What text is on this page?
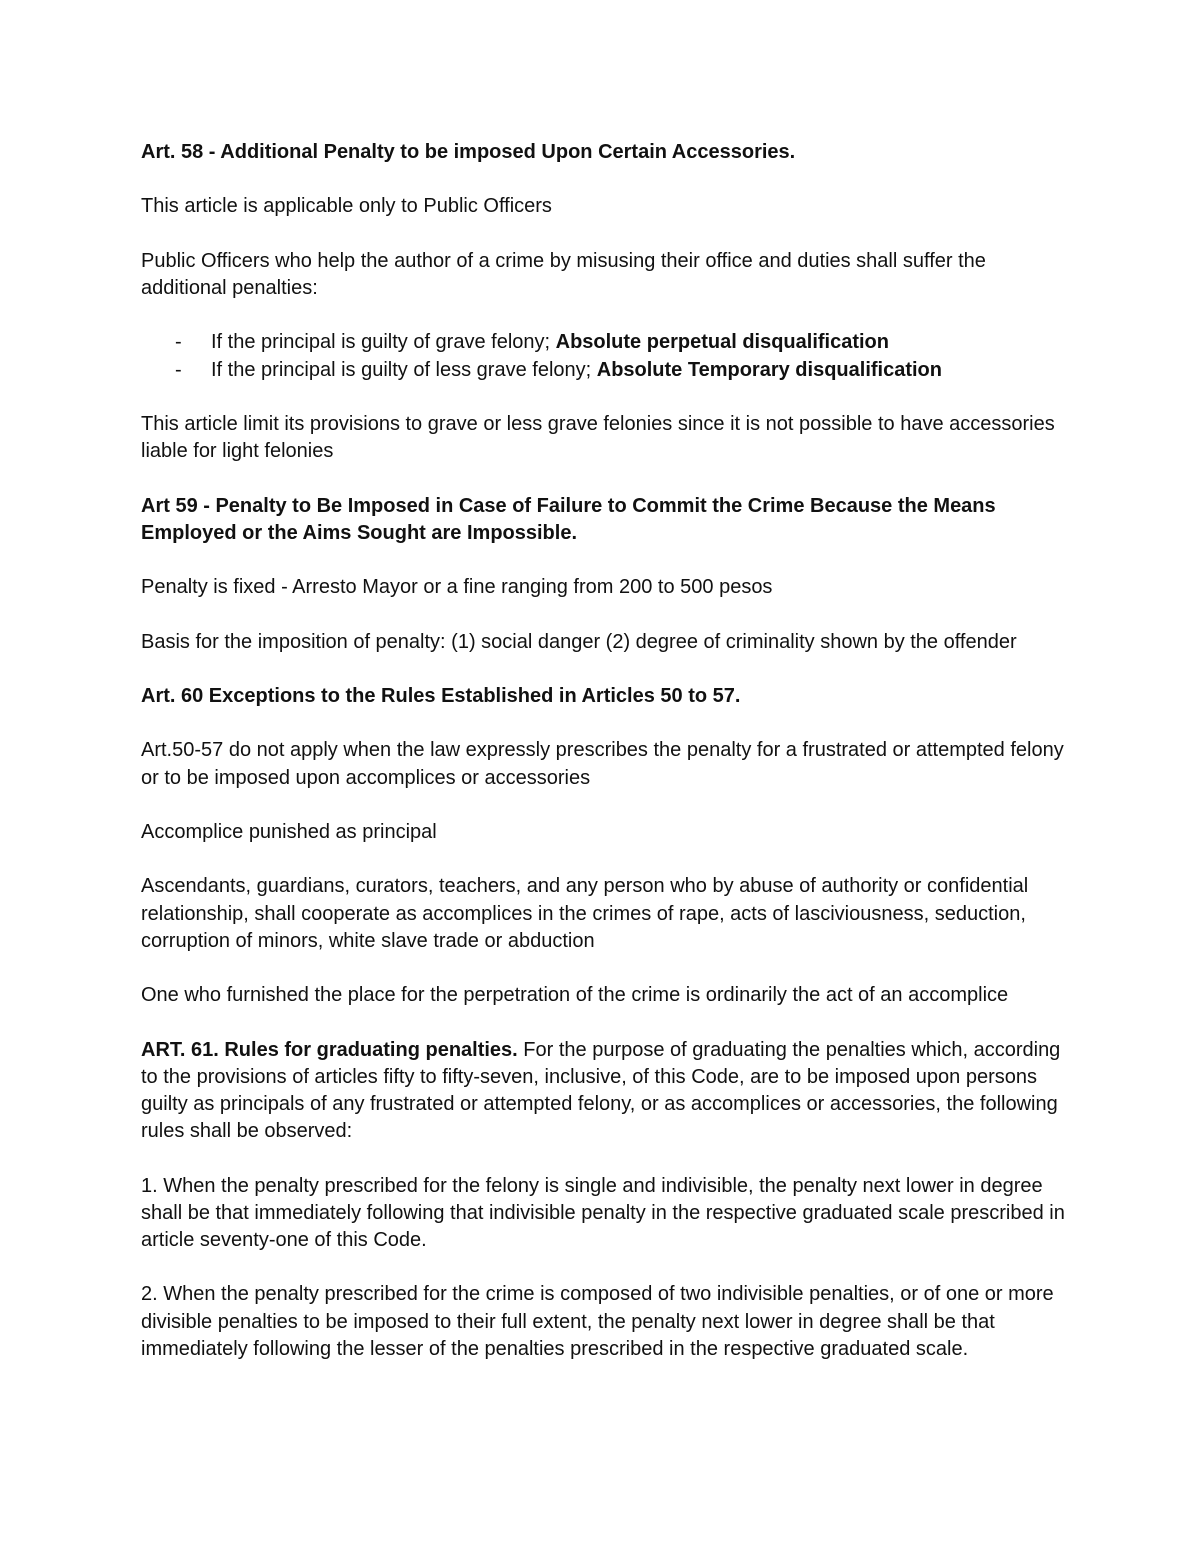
Art. 58 - Additional Penalty to be imposed Upon Certain Accessories.

This article is applicable only to Public Officers

Public Officers who help the author of a crime by misusing their office and duties shall suffer the additional penalties:

- If the principal is guilty of grave felony; Absolute perpetual disqualification
- If the principal is guilty of less grave felony; Absolute Temporary disqualification

This article limit its provisions to grave or less grave felonies since it is not possible to have accessories liable for light felonies

Art 59 - Penalty to Be Imposed in Case of Failure to Commit the Crime Because the Means Employed or the Aims Sought are Impossible.

Penalty is fixed - Arresto Mayor or a fine ranging from 200 to 500 pesos

Basis for the imposition of penalty: (1) social danger (2) degree of criminality shown by the offender

Art. 60 Exceptions to the Rules Established in Articles 50 to 57.

Art.50-57 do not apply when the law expressly prescribes the penalty for a frustrated or attempted felony or to be imposed upon accomplices or accessories

Accomplice punished as principal

Ascendants, guardians, curators, teachers, and any person who by abuse of authority or confidential relationship, shall cooperate as accomplices in the crimes of rape, acts of lasciviousness, seduction, corruption of minors, white slave trade or abduction

One who furnished the place for the perpetration of the crime is ordinarily the act of an accomplice

ART. 61. Rules for graduating penalties. For the purpose of graduating the penalties which, according to the provisions of articles fifty to fifty-seven, inclusive, of this Code, are to be imposed upon persons guilty as principals of any frustrated or attempted felony, or as accomplices or accessories, the following rules shall be observed:

1. When the penalty prescribed for the felony is single and indivisible, the penalty next lower in degree shall be that immediately following that indivisible penalty in the respective graduated scale prescribed in article seventy-one of this Code.

2. When the penalty prescribed for the crime is composed of two indivisible penalties, or of one or more divisible penalties to be imposed to their full extent, the penalty next lower in degree shall be that immediately following the lesser of the penalties prescribed in the respective graduated scale.
